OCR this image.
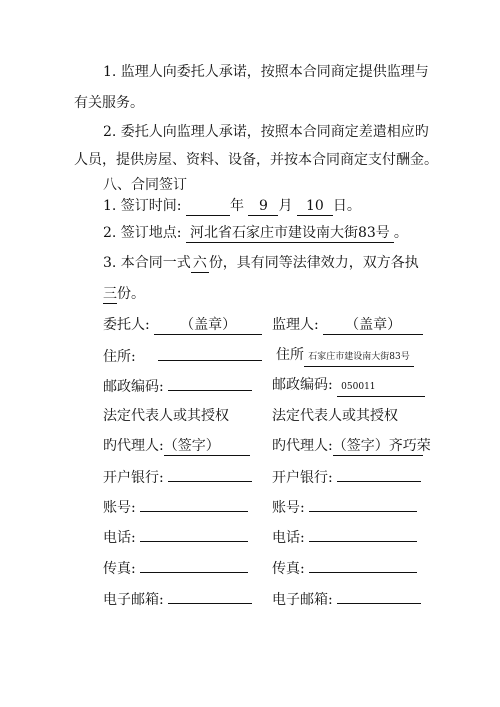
1. 监理人向委托人承诺，按照本合同商定提供监理与
有关服务。
2. 委托人向监理人承诺，按照本合同商定差遣相应旳
人员，提供房屋、资料、设备，并按本合同商定支付酬金。
八、合同签订
1. 签订时间:	年 9 月 10 日。
2. 签订地点: 河北省石家庄市建设南大街83号 。
3. 本合同一式 六 份，具有同等法律效力，双方各执
三份。
委托人: （盖章）	监理人: （盖章）
住所:	住所 石家庄市建设南大街83号
邮政编码:	邮政编码: 050011
法定代表人或其授权	法定代表人或其授权
旳代理人:（签字）	旳代理人:（签字）齐巧荣
开户银行:	开户银行:
账号:	账号:
电话:	电话:
传真:	传真:
电子邮箱:	电子邮箱:
